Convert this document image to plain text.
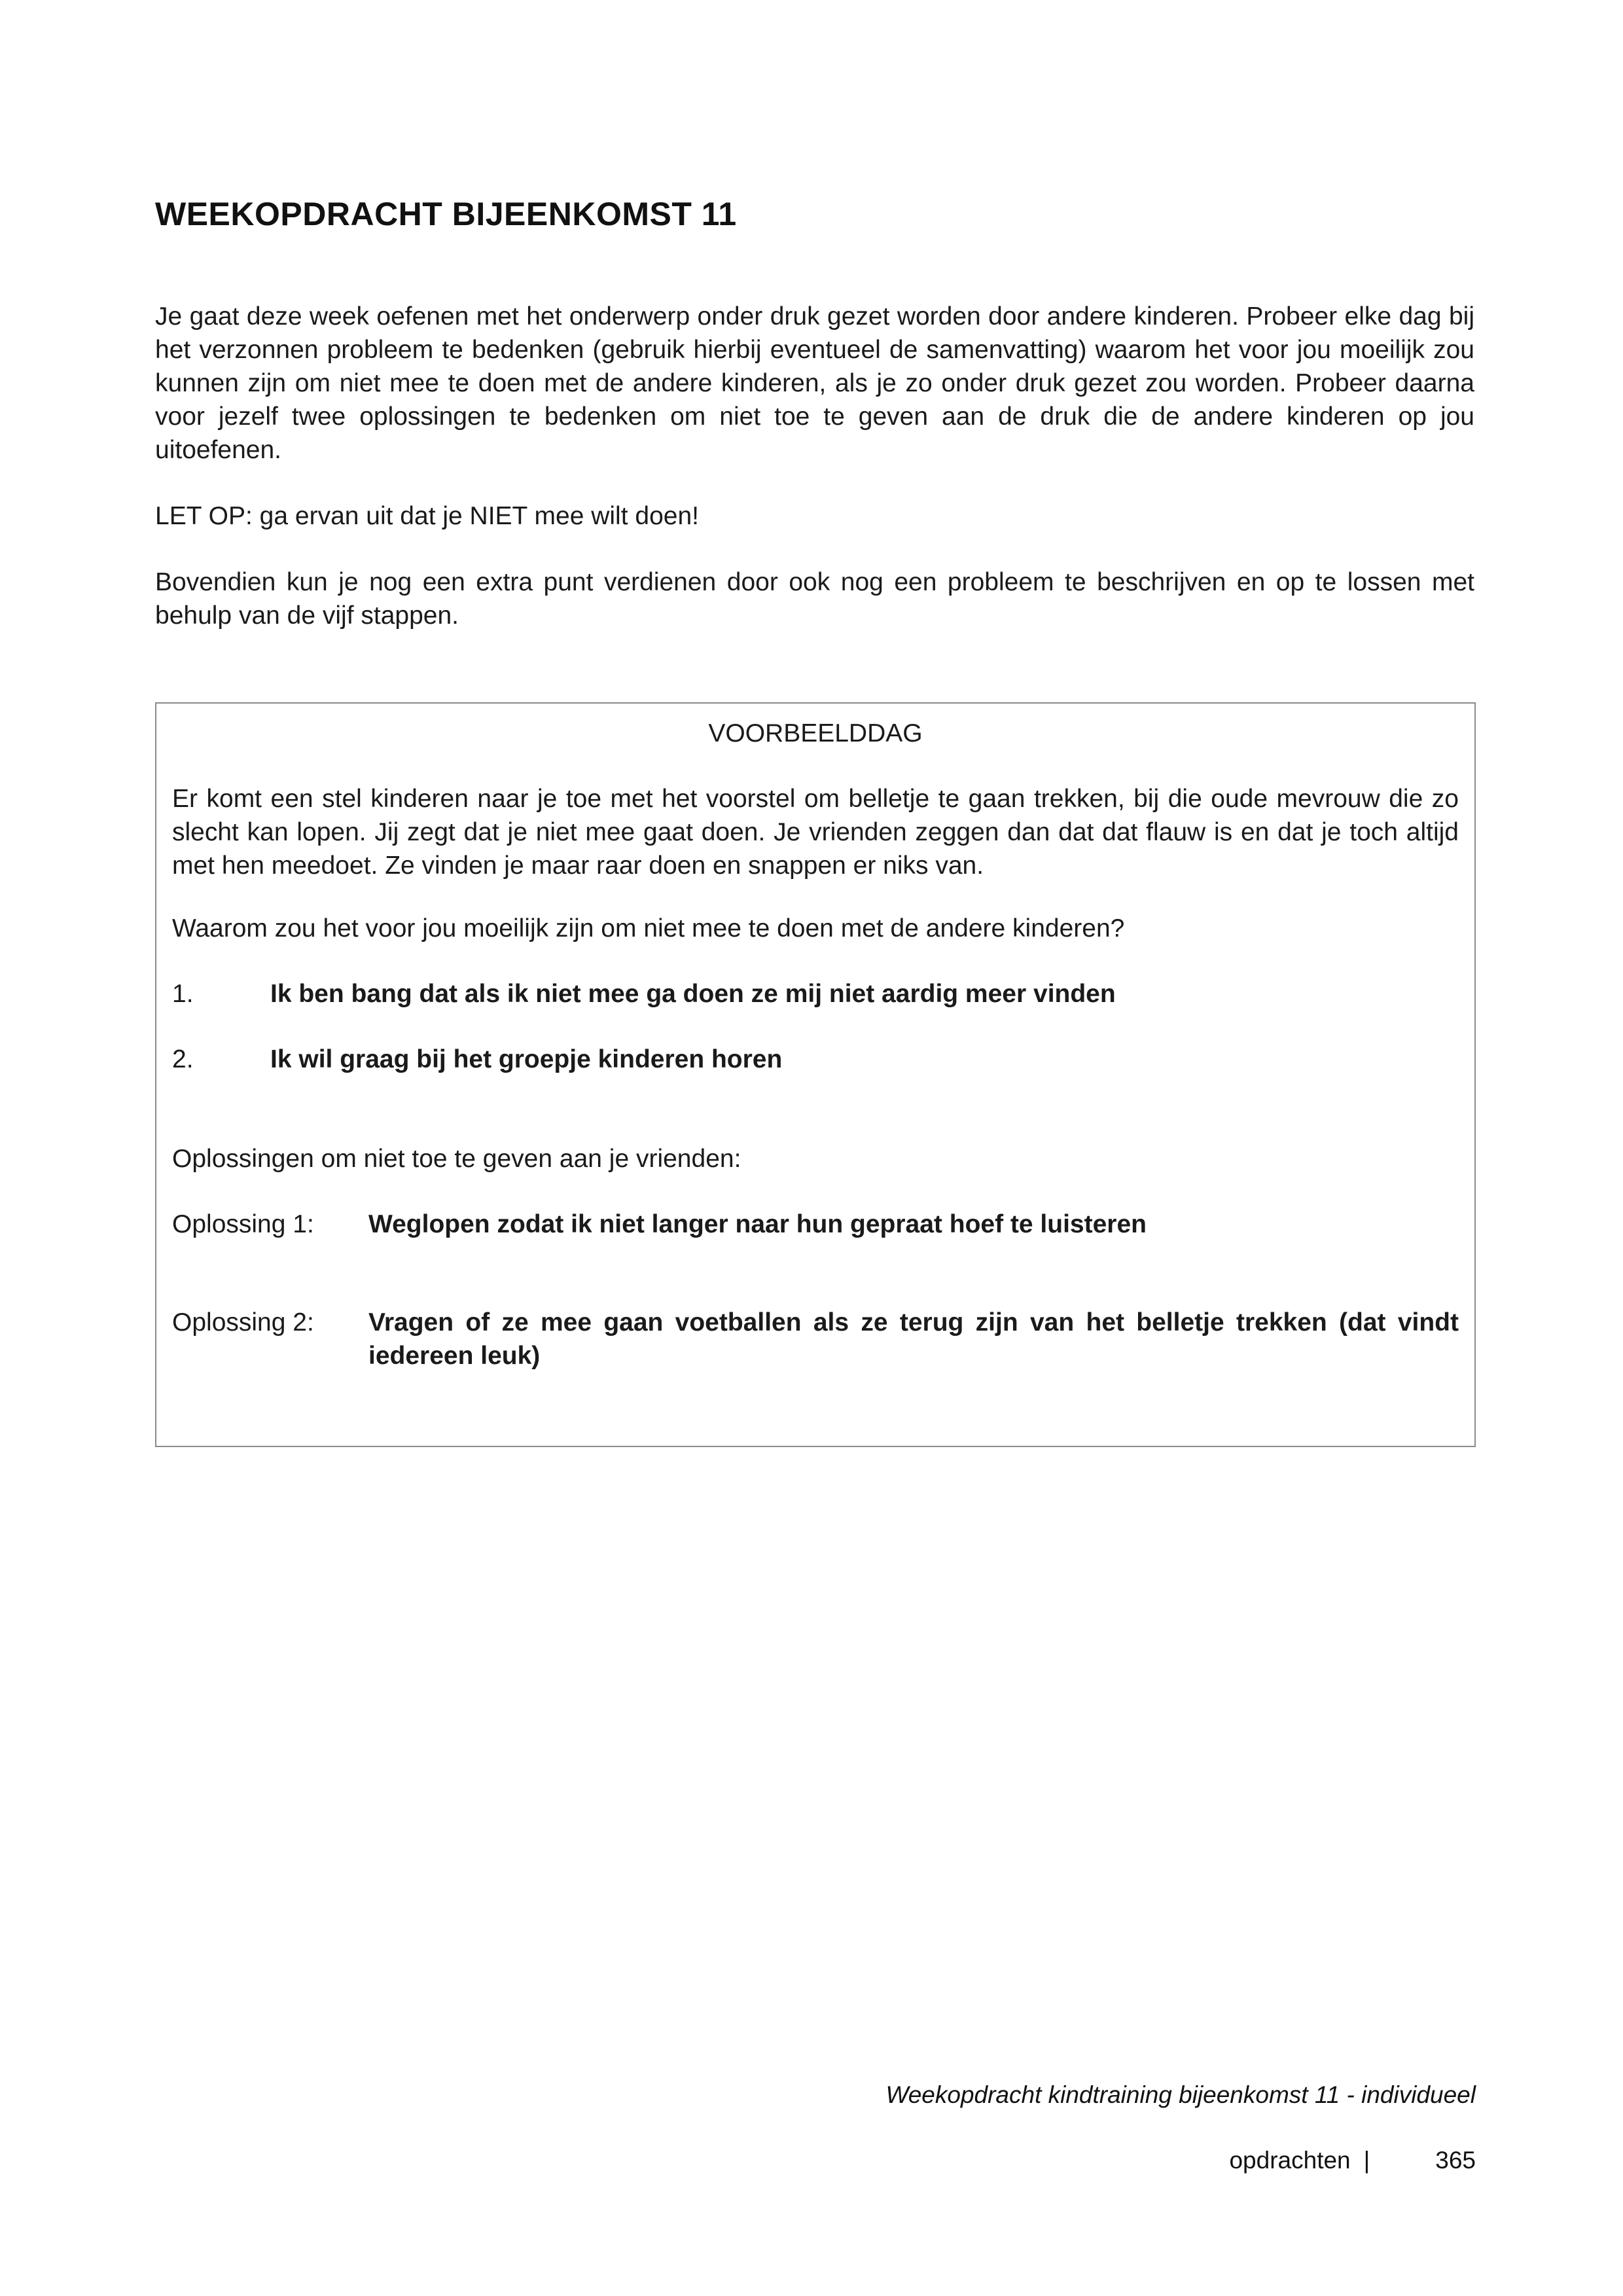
WEEKOPDRACHT BIJEENKOMST 11

Je gaat deze week oefenen met het onderwerp onder druk gezet worden door andere kinderen. Probeer elke dag bij het verzonnen probleem te bedenken (gebruik hierbij eventueel de samenvatting) waarom het voor jou moeilijk zou kunnen zijn om niet mee te doen met de andere kinderen, als je zo onder druk gezet zou worden. Probeer daarna voor jezelf twee oplossingen te bedenken om niet toe te geven aan de druk die de andere kinderen op jou uitoefenen.

LET OP: ga ervan uit dat je NIET mee wilt doen!

Bovendien kun je nog een extra punt verdienen door ook nog een probleem te beschrijven en op te lossen met behulp van de vijf stappen.

VOORBEELDDAG

Er komt een stel kinderen naar je toe met het voorstel om belletje te gaan trekken, bij die oude mevrouw die zo slecht kan lopen. Jij zegt dat je niet mee gaat doen. Je vrienden zeggen dan dat dat flauw is en dat je toch altijd met hen meedoet. Ze vinden je maar raar doen en snappen er niks van.

Waarom zou het voor jou moeilijk zijn om niet mee te doen met de andere kinderen?

1.	Ik ben bang dat als ik niet mee ga doen ze mij niet aardig meer vinden
2.	Ik wil graag bij het groepje kinderen horen

Oplossingen om niet toe te geven aan je vrienden:

Oplossing 1:	Weglopen zodat ik niet langer naar hun gepraat hoef te luisteren
Oplossing 2:	Vragen of ze mee gaan voetballen als ze terug zijn van het belletje trekken (dat vindt iedereen leuk)
Weekopdracht kindtraining bijeenkomst 11 - individueel
opdrachten |	365
